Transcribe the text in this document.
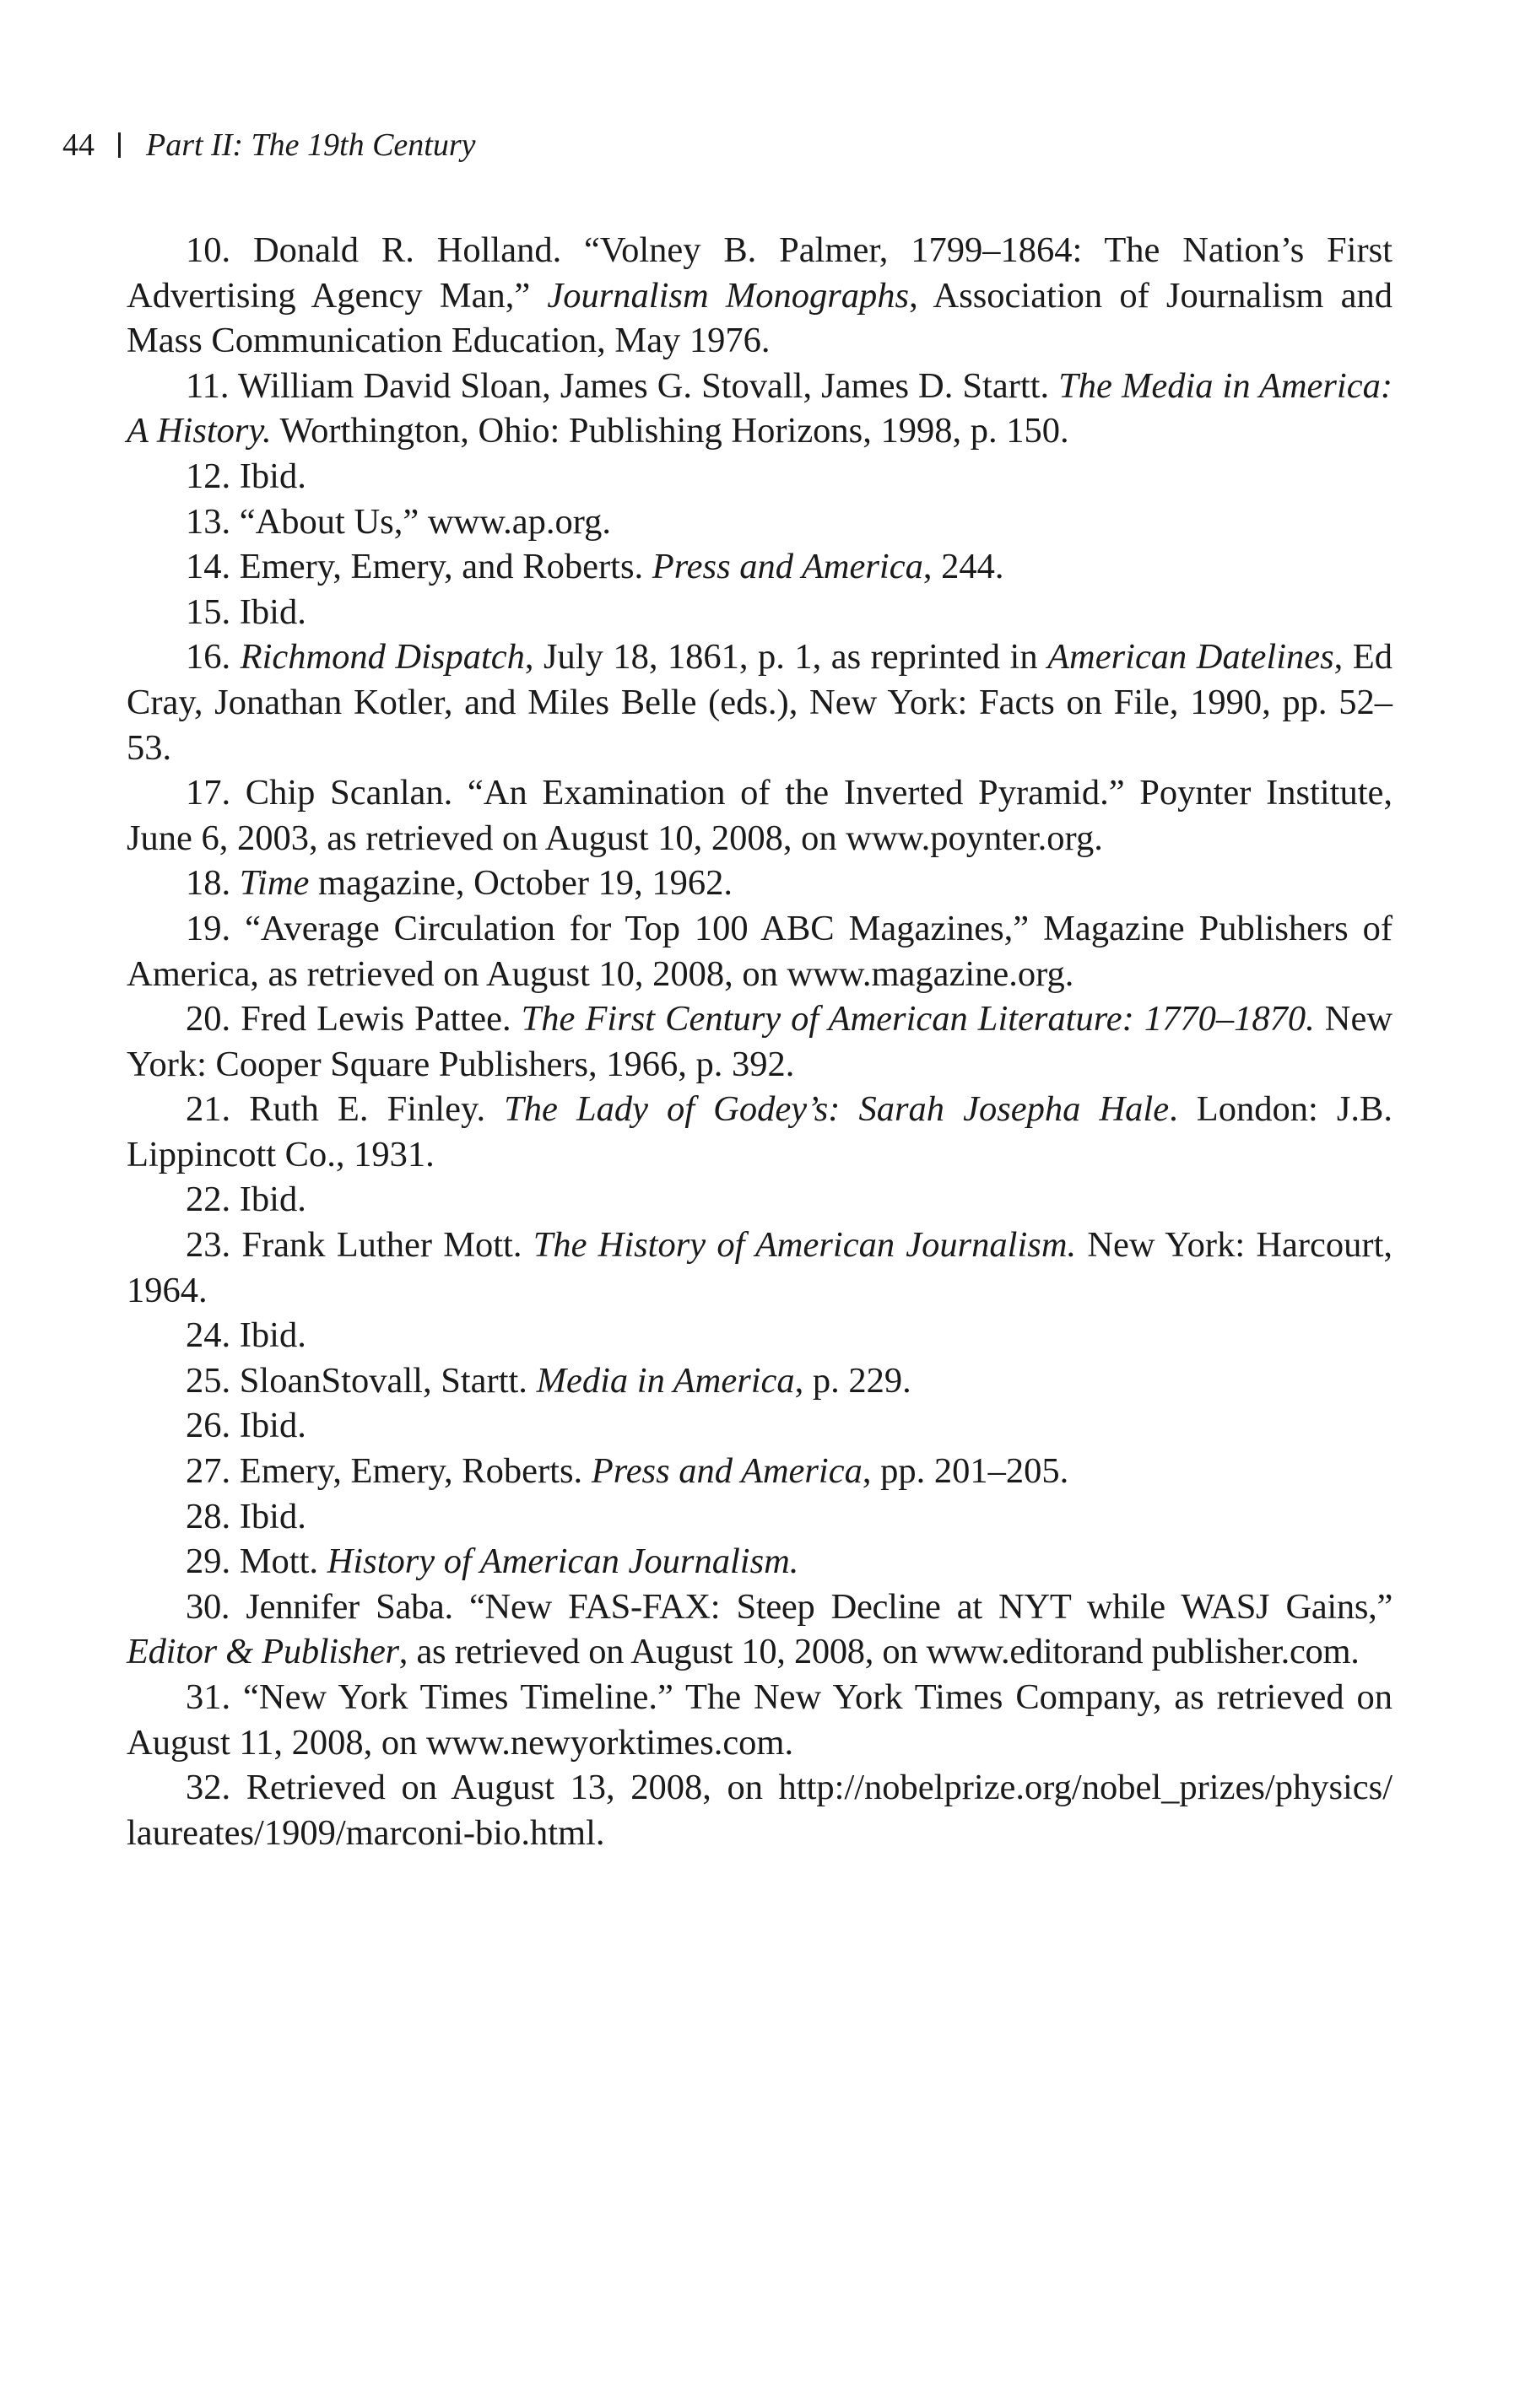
44 Part II: The 19th Century

10. Donald R. Holland. “Volney B. Palmer, 1799–1864: The Nation’s First Advertising Agency Man,” Journalism Monographs, Association of Journalism and Mass Communication Education, May 1976.

11. William David Sloan, James G. Stovall, James D. Startt. The Media in America: A History. Worthington, Ohio: Publishing Horizons, 1998, p. 150.

12. Ibid.

13. “About Us,” www.ap.org.

14. Emery, Emery, and Roberts. Press and America, 244.

15. Ibid.

16. Richmond Dispatch, July 18, 1861, p. 1, as reprinted in American Datelines, Ed Cray, Jonathan Kotler, and Miles Belle (eds.), New York: Facts on File, 1990, pp. 52–53.

17. Chip Scanlan. “An Examination of the Inverted Pyramid.” Poynter Institute, June 6, 2003, as retrieved on August 10, 2008, on www.poynter.org.

18. Time magazine, October 19, 1962.

19. “Average Circulation for Top 100 ABC Magazines,” Magazine Publishers of America, as retrieved on August 10, 2008, on www.magazine.org.

20. Fred Lewis Pattee. The First Century of American Literature: 1770–1870. New York: Cooper Square Publishers, 1966, p. 392.

21. Ruth E. Finley. The Lady of Godey’s: Sarah Josepha Hale. London: J.B. Lippincott Co., 1931.

22. Ibid.

23. Frank Luther Mott. The History of American Journalism. New York: Harcourt, 1964.

24. Ibid.

25. SloanStovall, Startt. Media in America, p. 229.

26. Ibid.

27. Emery, Emery, Roberts. Press and America, pp. 201–205.

28. Ibid.

29. Mott. History of American Journalism.

30. Jennifer Saba. “New FAS-FAX: Steep Decline at NYT while WASJ Gains,” Editor & Publisher, as retrieved on August 10, 2008, on www.editorand publisher.com.

31. “New York Times Timeline.” The New York Times Company, as retrieved on August 11, 2008, on www.newyorktimes.com.

32. Retrieved on August 13, 2008, on http://nobelprize.org/nobel_prizes/physics/ laureates/1909/marconi-bio.html.
